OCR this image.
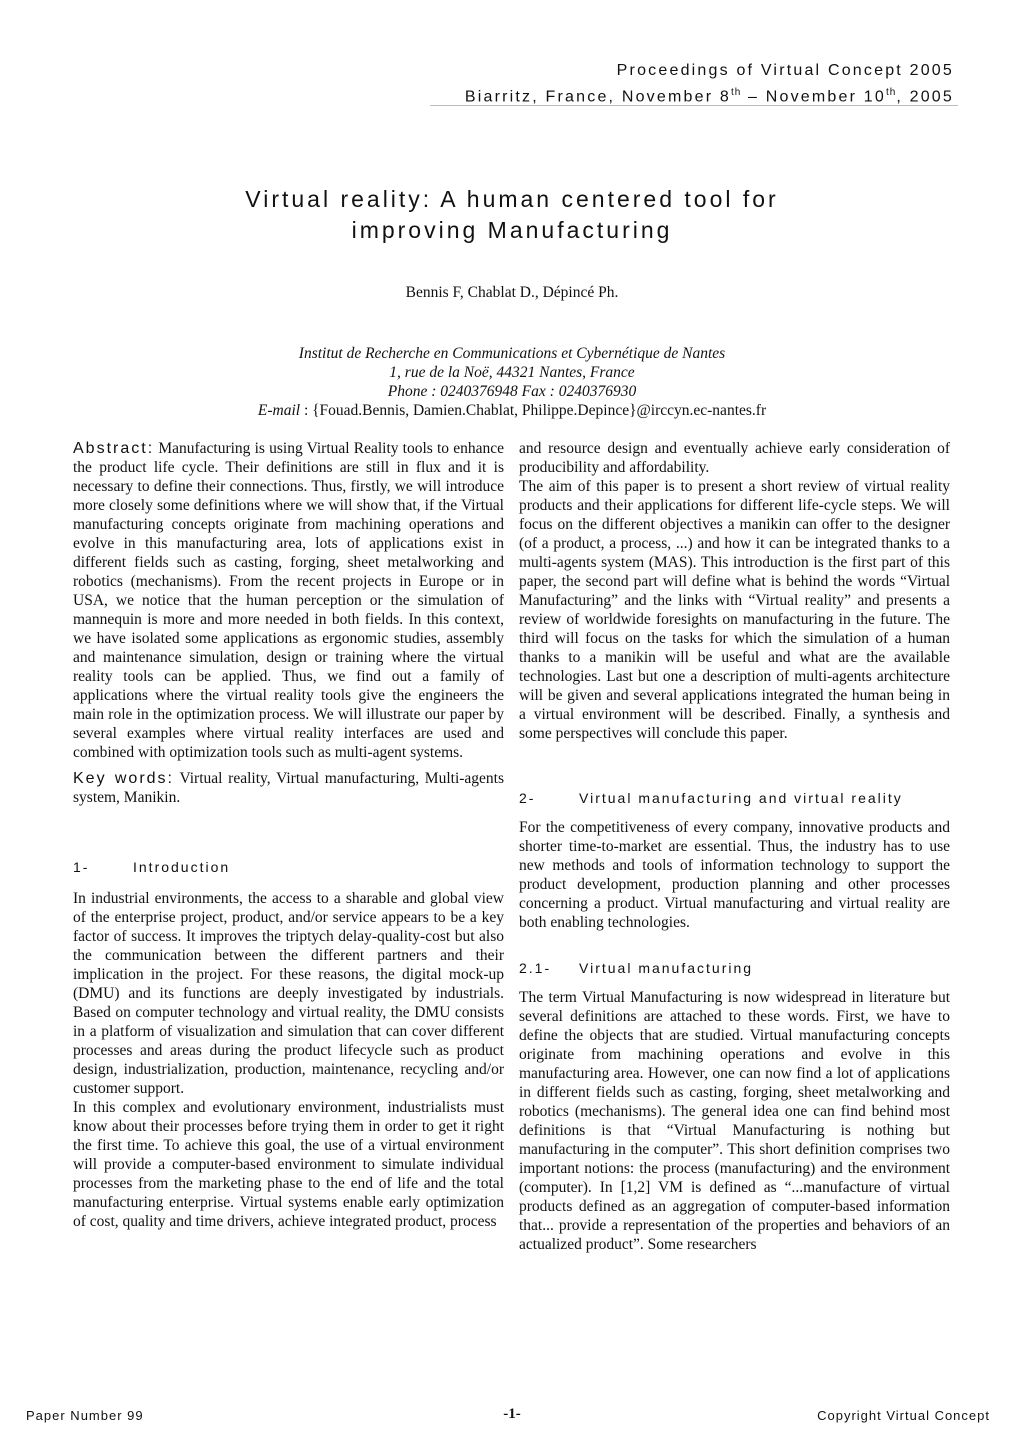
Proceedings of Virtual Concept 2005
Biarritz, France, November 8th – November 10th, 2005
Virtual reality: A human centered tool for
improving Manufacturing
Bennis F, Chablat D., Dépincé Ph.
Institut de Recherche en Communications et Cybernétique de Nantes
1, rue de la Noë, 44321 Nantes, France
Phone : 0240376948 Fax : 0240376930
E-mail : {Fouad.Bennis, Damien.Chablat, Philippe.Depince}@irccyn.ec-nantes.fr

Abstract: Manufacturing is using Virtual Reality tools to enhance the product life cycle. Their definitions are still in flux and it is necessary to define their connections. Thus, firstly, we will introduce more closely some definitions where we will show that, if the Virtual manufacturing concepts originate from machining operations and evolve in this manufacturing area, lots of applications exist in different fields such as casting, forging, sheet metalworking and robotics (mechanisms). From the recent projects in Europe or in USA, we notice that the human perception or the simulation of mannequin is more and more needed in both fields. In this context, we have isolated some applications as ergonomic studies, assembly and maintenance simulation, design or training where the virtual reality tools can be applied. Thus, we find out a family of applications where the virtual reality tools give the engineers the main role in the optimization process. We will illustrate our paper by several examples where virtual reality interfaces are used and combined with optimization tools such as multi-agent systems.

Key words: Virtual reality, Virtual manufacturing, Multi-agents system, Manikin.

1-	Introduction

In industrial environments, the access to a sharable and global view of the enterprise project, product, and/or service appears to be a key factor of success. It improves the triptych delay-quality-cost but also the communication between the different partners and their implication in the project. For these reasons, the digital mock-up (DMU) and its functions are deeply investigated by industrials. Based on computer technology and virtual reality, the DMU consists in a platform of visualization and simulation that can cover different processes and areas during the product lifecycle such as product design, industrialization, production, maintenance, recycling and/or customer support.

In this complex and evolutionary environment, industrialists must know about their processes before trying them in order to get it right the first time. To achieve this goal, the use of a virtual environment will provide a computer-based environment to simulate individual processes from the marketing phase to the end of life and the total manufacturing enterprise. Virtual systems enable early optimization of cost, quality and time drivers, achieve integrated product, process

and resource design and eventually achieve early consideration of producibility and affordability.

The aim of this paper is to present a short review of virtual reality products and their applications for different life-cycle steps. We will focus on the different objectives a manikin can offer to the designer (of a product, a process, ...) and how it can be integrated thanks to a multi-agents system (MAS). This introduction is the first part of this paper, the second part will define what is behind the words “Virtual Manufacturing” and the links with “Virtual reality” and presents a review of worldwide foresights on manufacturing in the future. The third will focus on the tasks for which the simulation of a human thanks to a manikin will be useful and what are the available technologies. Last but one a description of multi-agents architecture will be given and several applications integrated the human being in a virtual environment will be described. Finally, a synthesis and some perspectives will conclude this paper.

2-	Virtual manufacturing and virtual reality

For the competitiveness of every company, innovative products and shorter time-to-market are essential. Thus, the industry has to use new methods and tools of information technology to support the product development, production planning and other processes concerning a product. Virtual manufacturing and virtual reality are both enabling technologies.

2.1- Virtual manufacturing

The term Virtual Manufacturing is now widespread in literature but several definitions are attached to these words. First, we have to define the objects that are studied. Virtual manufacturing concepts originate from machining operations and evolve in this manufacturing area. However, one can now find a lot of applications in different fields such as casting, forging, sheet metalworking and robotics (mechanisms). The general idea one can find behind most definitions is that “Virtual Manufacturing is nothing but manufacturing in the computer”. This short definition comprises two important notions: the process (manufacturing) and the environment (computer). In [1,2] VM is defined as “...manufacture of virtual products defined as an aggregation of computer-based information that... provide a representation of the properties and behaviors of an actualized product”. Some researchers

Paper Number 99	-1-	Copyright Virtual Concept
